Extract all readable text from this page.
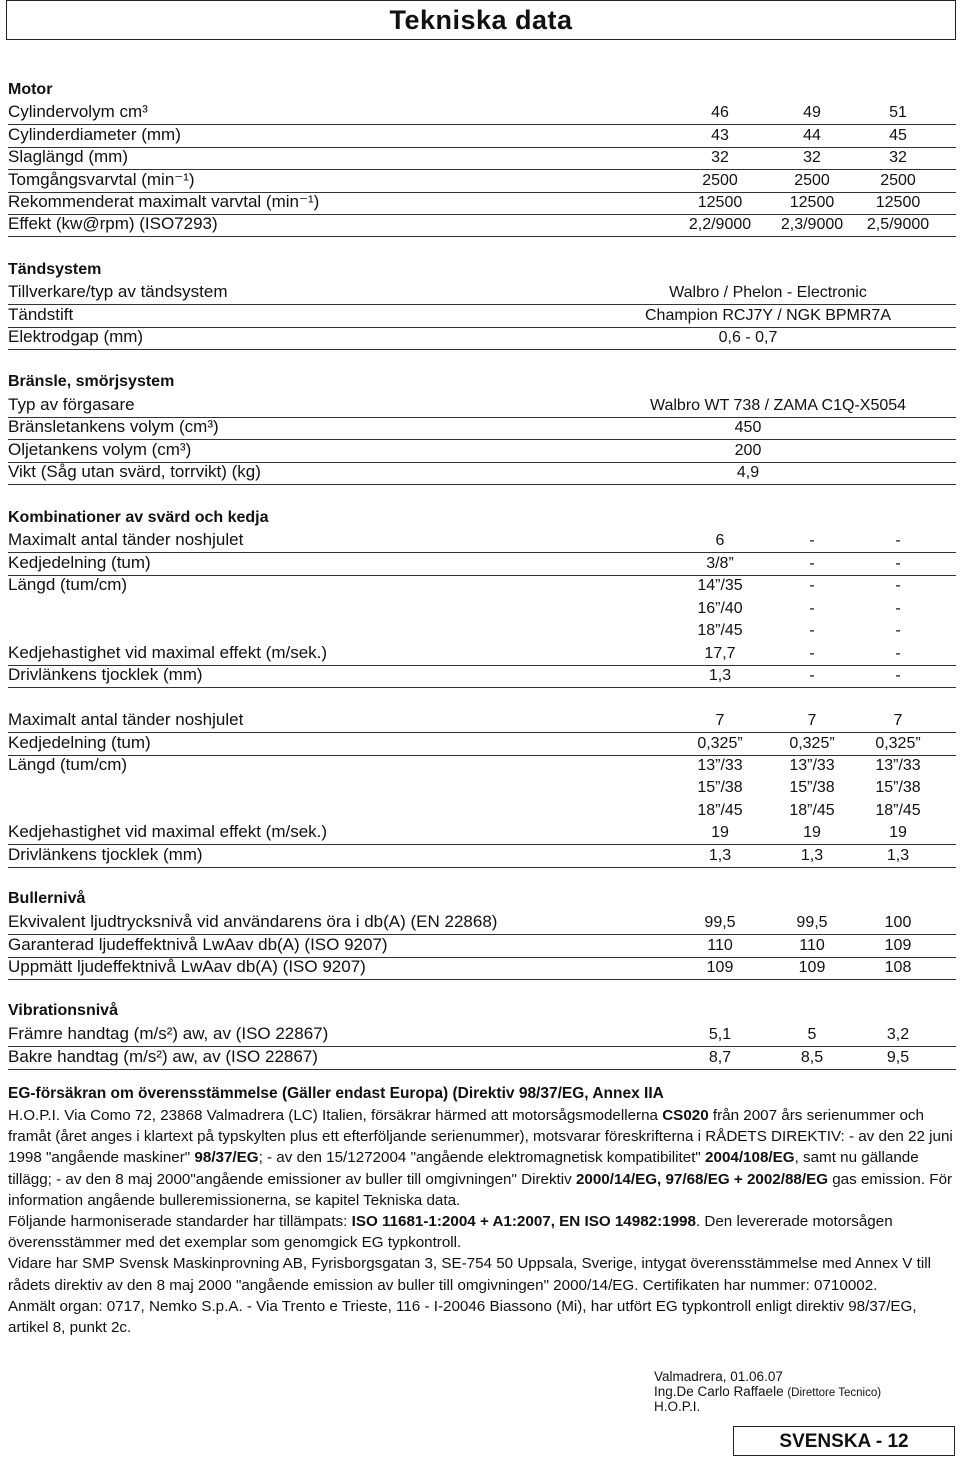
Tekniska data
Motor
Cylindervolym cm³	46	49	51
Cylinderdiameter (mm)	43	44	45
Slaglängd (mm)	32	32	32
Tomgångsvarvtal (min⁻¹)	2500	2500	2500
Rekommenderat maximalt varvtal (min⁻¹)	12500	12500	12500
Effekt (kw@rpm) (ISO7293)	2,2/9000	2,3/9000	2,5/9000
Tändsystem
Tillverkare/typ av tändsystem	Walbro / Phelon - Electronic
Tändstift	Champion RCJ7Y / NGK BPMR7A
Elektrodgap (mm)	0,6 - 0,7
Bränsle, smörjsystem
Typ av förgasare	Walbro WT 738 / ZAMA C1Q-X5054
Bränsletankens volym (cm³)	450
Oljetankens volym (cm³)	200
Vikt (Såg utan svärd, torrvikt) (kg)	4,9
Kombinationer av svärd och kedja
Maximalt antal tänder noshjulet	6	-	-
Kedjedelning (tum)	3/8”	-	-
Längd (tum/cm)	14”/35	-	-
16”/40	-	-
18”/45	-	-
Kedjehastighet vid maximal effekt (m/sek.)	17,7	-	-
Drivlänkens tjocklek (mm)	1,3	-	-
Maximalt antal tänder noshjulet	7	7	7
Kedjedelning (tum)	0,325”	0,325”	0,325”
Längd (tum/cm)	13”/33	13”/33	13”/33
15”/38	15”/38	15”/38
18”/45	18”/45	18”/45
Kedjehastighet vid maximal effekt (m/sek.)	19	19	19
Drivlänkens tjocklek (mm)	1,3	1,3	1,3
Bullernivå
Ekvivalent ljudtrycksnivå vid användarens öra i db(A) (EN 22868)	99,5	99,5	100
Garanterad ljudeffektnivå LwAav db(A) (ISO 9207)	110	110	109
Uppmätt ljudeffektnivå LwAav db(A) (ISO 9207)	109	109	108
Vibrationsnivå
Främre handtag (m/s²) aw, av (ISO 22867)	5,1	5	3,2
Bakre handtag (m/s²) aw, av (ISO 22867)	8,7	8,5	9,5
EG-försäkran om överensstämmelse (Gäller endast Europa) (Direktiv 98/37/EG, Annex IIA

H.O.P.I. Via Como 72, 23868 Valmadrera (LC) Italien, försäkrar härmed att motorsågsmodellerna CS020 från 2007 års serienummer och framåt (året anges i klartext på typskylten plus ett efterföljande serienummer), motsvarar föreskrifterna i RÅDETS DIREKTIV: - av den 22 juni 1998 "angående maskiner" 98/37/EG; - av den 15/1272004 "angående elektromagnetisk kompatibilitet" 2004/108/EG, samt nu gällande tillägg; - av den 8 maj 2000"angående emissioner av buller till omgivningen" Direktiv 2000/14/EG, 97/68/EG + 2002/88/EG gas emission. För information angående bulleremissionerna, se kapitel Tekniska data.

Följande harmoniserade standarder har tillämpats: ISO 11681-1:2004 + A1:2007, EN ISO 14982:1998. Den levererade motorsågen överensstämmer med det exemplar som genomgick EG typkontroll.

Vidare har SMP Svensk Maskinprovning AB, Fyrisborgsgatan 3, SE-754 50 Uppsala, Sverige, intygat överensstämmelse med Annex V till rådets direktiv av den 8 maj 2000 "angående emission av buller till omgivningen" 2000/14/EG. Certifikaten har nummer: 0710002.

Anmält organ: 0717, Nemko S.p.A. - Via Trento e Trieste, 116 - I-20046 Biassono (Mi), har utfört EG typkontroll enligt direktiv 98/37/EG, artikel 8, punkt 2c.

Valmadrera, 01.06.07
Ing.De Carlo Raffaele (Direttore Tecnico)
H.O.P.I.
SVENSKA - 12
